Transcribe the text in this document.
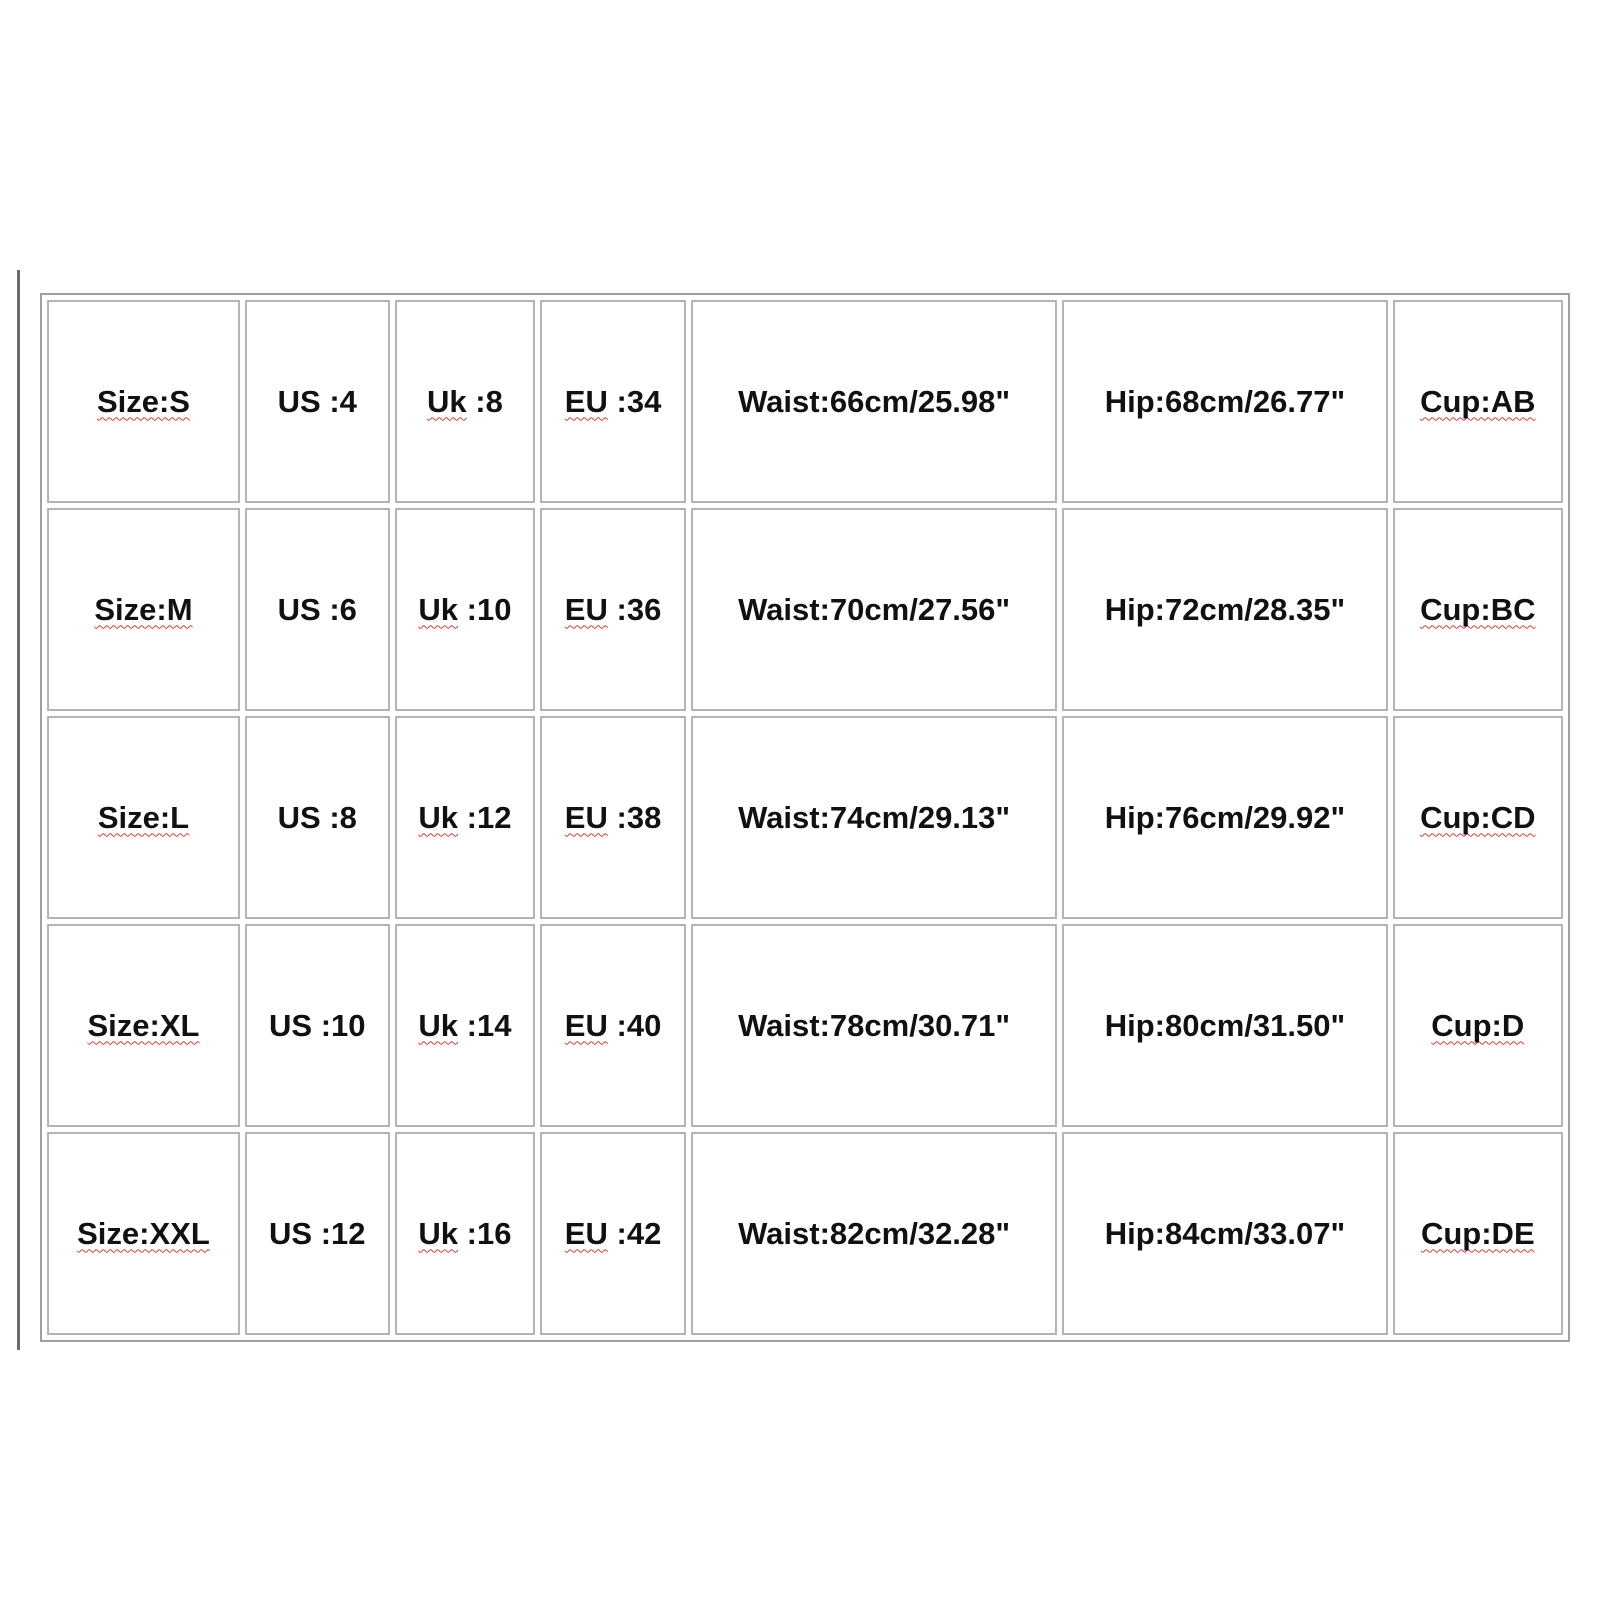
Size:S	US :4	Uk :8	EU :34	Waist:66cm/25.98"	Hip:68cm/26.77"	Cup:AB
Size:M	US :6	Uk :10	EU :36	Waist:70cm/27.56"	Hip:72cm/28.35"	Cup:BC
Size:L	US :8	Uk :12	EU :38	Waist:74cm/29.13"	Hip:76cm/29.92"	Cup:CD
Size:XL	US :10	Uk :14	EU :40	Waist:78cm/30.71"	Hip:80cm/31.50"	Cup:D
Size:XXL	US :12	Uk :16	EU :42	Waist:82cm/32.28"	Hip:84cm/33.07"	Cup:DE
